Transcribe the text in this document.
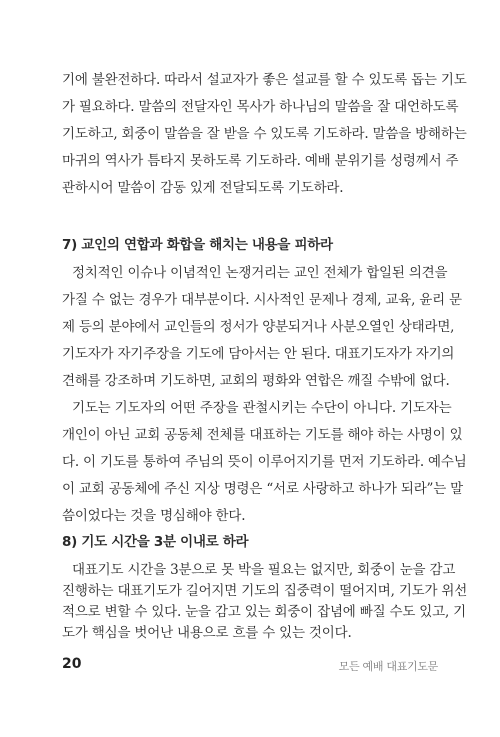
기에 불완전하다. 따라서 설교자가 좋은 설교를 할 수 있도록 돕는 기도
가 필요하다. 말씀의 전달자인 목사가 하나님의 말씀을 잘 대언하도록
기도하고, 회중이 말씀을 잘 받을 수 있도록 기도하라. 말씀을 방해하는
마귀의 역사가 틈타지 못하도록 기도하라. 예배 분위기를 성령께서 주
관하시어 말씀이 감동 있게 전달되도록 기도하라.
7) 교인의 연합과 화합을 해치는 내용을 피하라
정치적인 이슈나 이념적인 논쟁거리는 교인 전체가 합일된 의견을
가질 수 없는 경우가 대부분이다. 시사적인 문제나 경제, 교육, 윤리 문
제 등의 분야에서 교인들의 정서가 양분되거나 사분오열인 상태라면,
기도자가 자기주장을 기도에 담아서는 안 된다. 대표기도자가 자기의
견해를 강조하며 기도하면, 교회의 평화와 연합은 깨질 수밖에 없다.
기도는 기도자의 어떤 주장을 관철시키는 수단이 아니다. 기도자는
개인이 아닌 교회 공동체 전체를 대표하는 기도를 해야 하는 사명이 있
다. 이 기도를 통하여 주님의 뜻이 이루어지기를 먼저 기도하라. 예수님
이 교회 공동체에 주신 지상 명령은 “서로 사랑하고 하나가 되라”는 말
씀이었다는 것을 명심해야 한다.
8) 기도 시간을 3분 이내로 하라
대표기도 시간을 3분으로 못 박을 필요는 없지만, 회중이 눈을 감고
진행하는 대표기도가 길어지면 기도의 집중력이 떨어지며, 기도가 위선
적으로 변할 수 있다. 눈을 감고 있는 회중이 잡념에 빠질 수도 있고, 기
20	모든 예배 대표기도문
도가 핵심을 벗어난 내용으로 흐를 수 있는 것이다.
